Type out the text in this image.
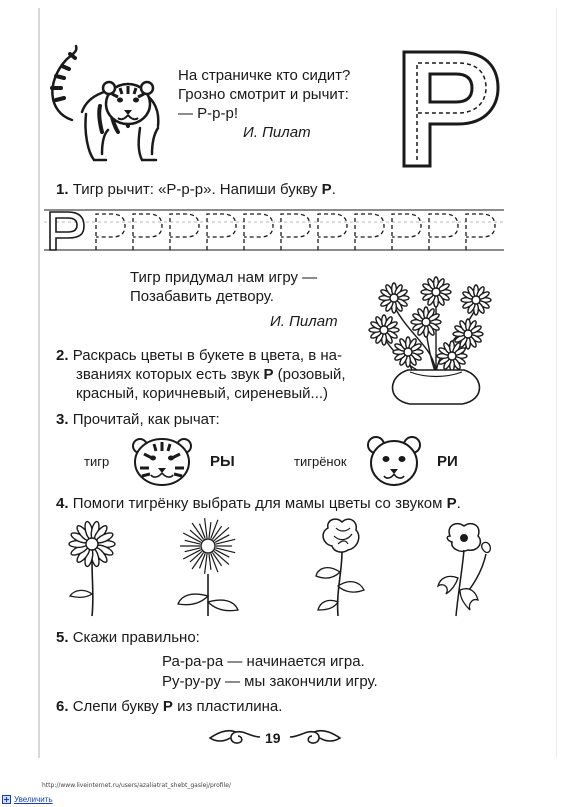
На страничке кто сидит?
Грозно смотрит и рычит:
— Р-р-р!
И. Пилат
1. Тигр рычит: «Р-р-р». Напиши букву Р.
Тигр придумал нам игру —
Позабавить детвору.
И. Пилат
2. Раскрась цветы в букете в цвета, в на-
званиях которых есть звук Р (розовый,
красный, коричневый, сиреневый...)
3. Прочитай, как рычат:
тигр	РЫ	тигрёнок	РИ
4. Помоги тигрёнку выбрать для мамы цветы со звуком Р.
5. Скажи правильно:
Ра-ра-ра — начинается игра.
Ру-ру-ру — мы закончили игру.
6. Слепи букву Р из пластилина.
19
http://www.liveinternet.ru/users/azaliatrat_shebt_gaslej/profile/
Увеличить
